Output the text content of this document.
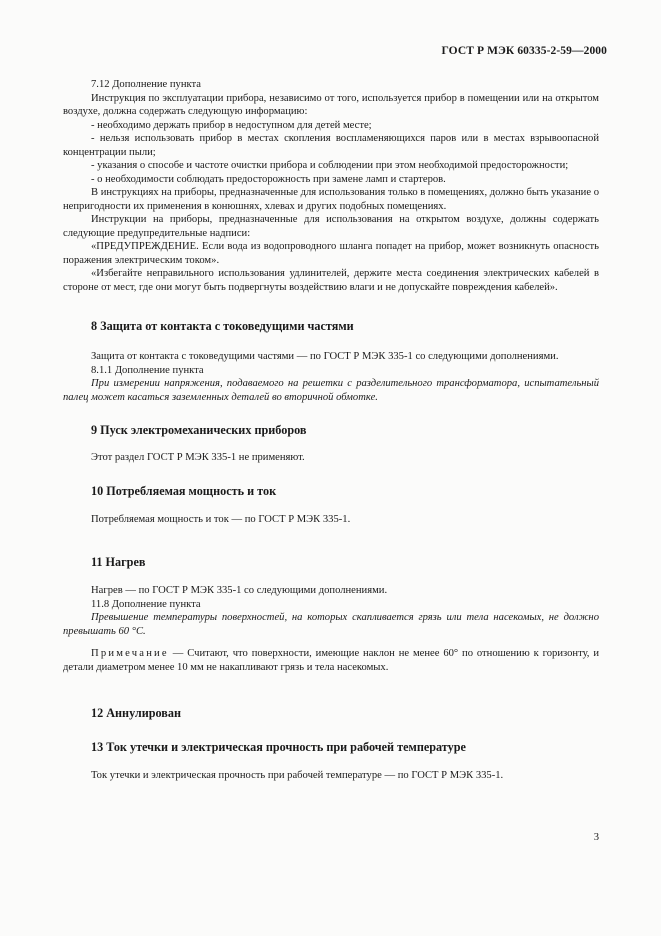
ГОСТ Р МЭК 60335-2-59—2000

7.12 Дополнение пункта

Инструкция по эксплуатации прибора, независимо от того, используется прибор в помещении или на открытом воздухе, должна содержать следующую информацию:

- необходимо держать прибор в недоступном для детей месте;

- нельзя использовать прибор в местах скопления воспламеняющихся паров или в местах взрывоопасной концентрации пыли;

- указания о способе и частоте очистки прибора и соблюдении при этом необходимой предосторожности;

- о необходимости соблюдать предосторожность при замене ламп и стартеров.

В инструкциях на приборы, предназначенные для использования только в помещениях, должно быть указание о непригодности их применения в конюшнях, хлевах и других подобных помещениях.

Инструкции на приборы, предназначенные для использования на открытом воздухе, должны содержать следующие предупредительные надписи:

«ПРЕДУПРЕЖДЕНИЕ. Если вода из водопроводного шланга попадет на прибор, может возникнуть опасность поражения электрическим током».

«Избегайте неправильного использования удлинителей, держите места соединения электрических кабелей в стороне от мест, где они могут быть подвергнуты воздействию влаги и не допускайте повреждения кабелей».

8 Защита от контакта с токоведущими частями

Защита от контакта с токоведущими частями — по ГОСТ Р МЭК 335-1 со следующими дополнениями.

8.1.1 Дополнение пункта

При измерении напряжения, подаваемого на решетки с разделительного трансформатора, испытательный палец может касаться заземленных деталей во вторичной обмотке.

9 Пуск электромеханических приборов

Этот раздел ГОСТ Р МЭК 335-1 не применяют.

10 Потребляемая мощность и ток

Потребляемая мощность и ток — по ГОСТ Р МЭК 335-1.

11 Нагрев

Нагрев — по ГОСТ Р МЭК 335-1 со следующими дополнениями.

11.8 Дополнение пункта

Превышение температуры поверхностей, на которых скапливается грязь или тела насекомых, не должно превышать 60 °С.

Примечание — Считают, что поверхности, имеющие наклон не менее 60° по отношению к горизонту, и детали диаметром менее 10 мм не накапливают грязь и тела насекомых.

12 Аннулирован
13 Ток утечки и электрическая прочность при рабочей температуре

Ток утечки и электрическая прочность при рабочей температуре — по ГОСТ Р МЭК 335-1.

3
